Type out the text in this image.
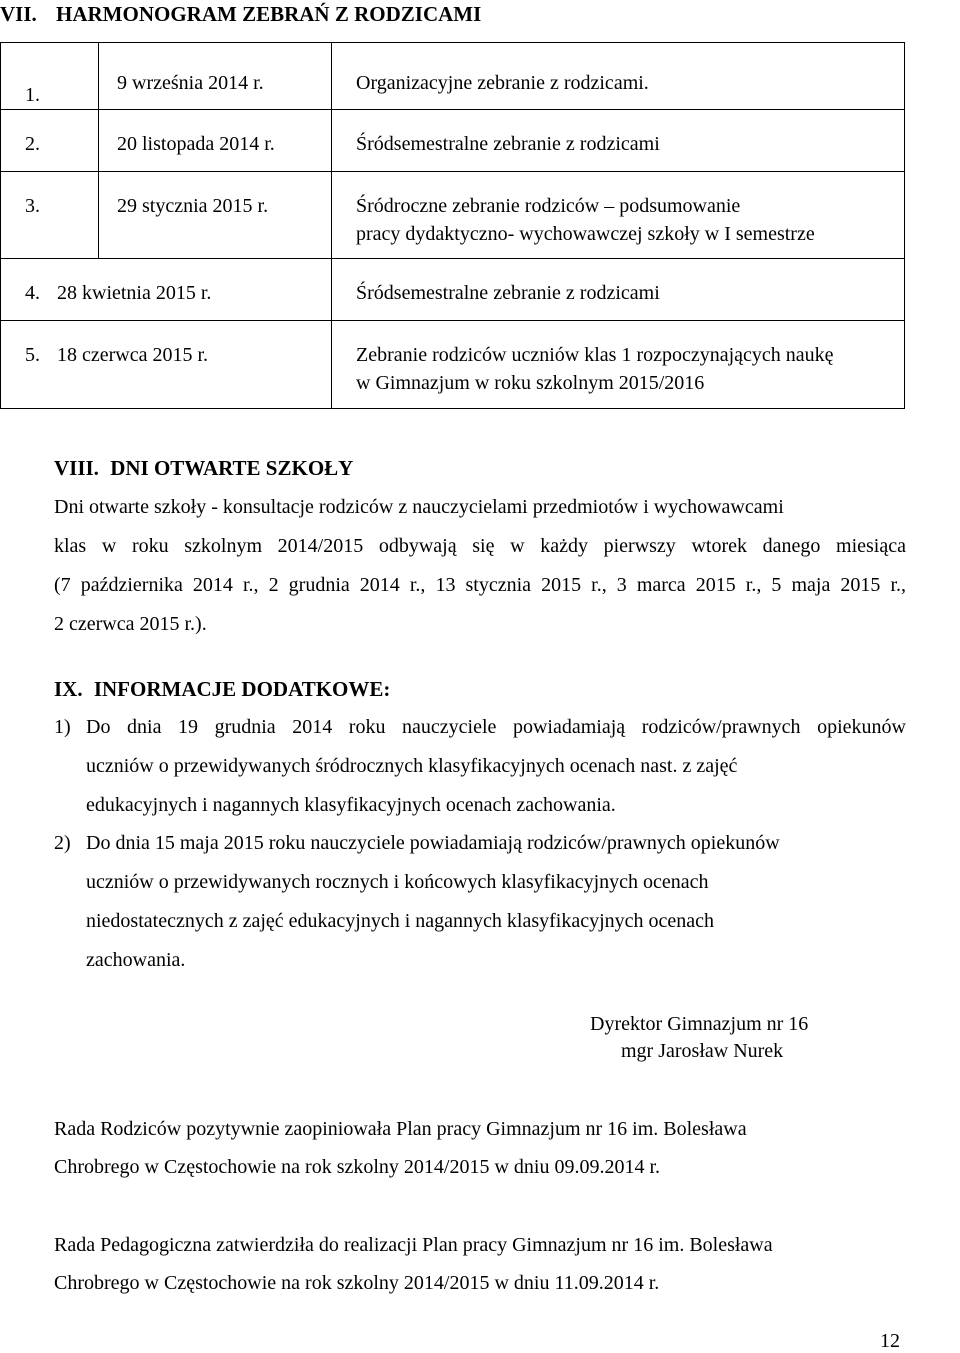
VII. HARMONOGRAM ZEBRAŃ Z RODZICAMI
1.	9 września 2014 r.	Organizacyjne zebranie z rodzicami.
2.	20 listopada 2014 r.	Śródsemestralne zebranie z rodzicami
3.	29 stycznia 2015 r.	Śródroczne zebranie rodziców – podsumowanie
pracy dydaktyczno- wychowawczej szkoły w I semestrze

4. 28 kwietnia 2015 r.		Śródsemestralne zebranie z rodzicami
5. 18 czerwca 2015 r.		Zebranie rodziców uczniów klas 1 rozpoczynających naukę
w Gimnazjum w roku szkolnym 2015/2016
VIII. DNI OTWARTE SZKOŁY
Dni otwarte szkoły - konsultacje rodziców z nauczycielami przedmiotów i wychowawcami
klas w roku szkolnym 2014/2015 odbywają się w każdy pierwszy wtorek danego miesiąca
(7 października 2014 r., 2 grudnia 2014 r., 13 stycznia 2015 r., 3 marca 2015 r., 5 maja 2015 r.,
2 czerwca 2015 r.).
IX. INFORMACJE DODATKOWE:
1) Do dnia 19 grudnia 2014 roku nauczyciele powiadamiają rodziców/prawnych opiekunów
uczniów o przewidywanych śródrocznych klasyfikacyjnych ocenach nast. z zajęć
edukacyjnych i nagannych klasyfikacyjnych ocenach zachowania.
2) Do dnia 15 maja 2015 roku nauczyciele powiadamiają rodziców/prawnych opiekunów
uczniów o przewidywanych rocznych i końcowych klasyfikacyjnych ocenach
niedostatecznych z zajęć edukacyjnych i nagannych klasyfikacyjnych ocenach
zachowania.
Dyrektor Gimnazjum nr 16
mgr Jarosław Nurek
Rada Rodziców pozytywnie zaopiniowała Plan pracy Gimnazjum nr 16 im. Bolesława
Chrobrego w Częstochowie na rok szkolny 2014/2015 w dniu 09.09.2014 r.
Rada Pedagogiczna zatwierdziła do realizacji Plan pracy Gimnazjum nr 16 im. Bolesława
Chrobrego w Częstochowie na rok szkolny 2014/2015 w dniu 11.09.2014 r.
12
